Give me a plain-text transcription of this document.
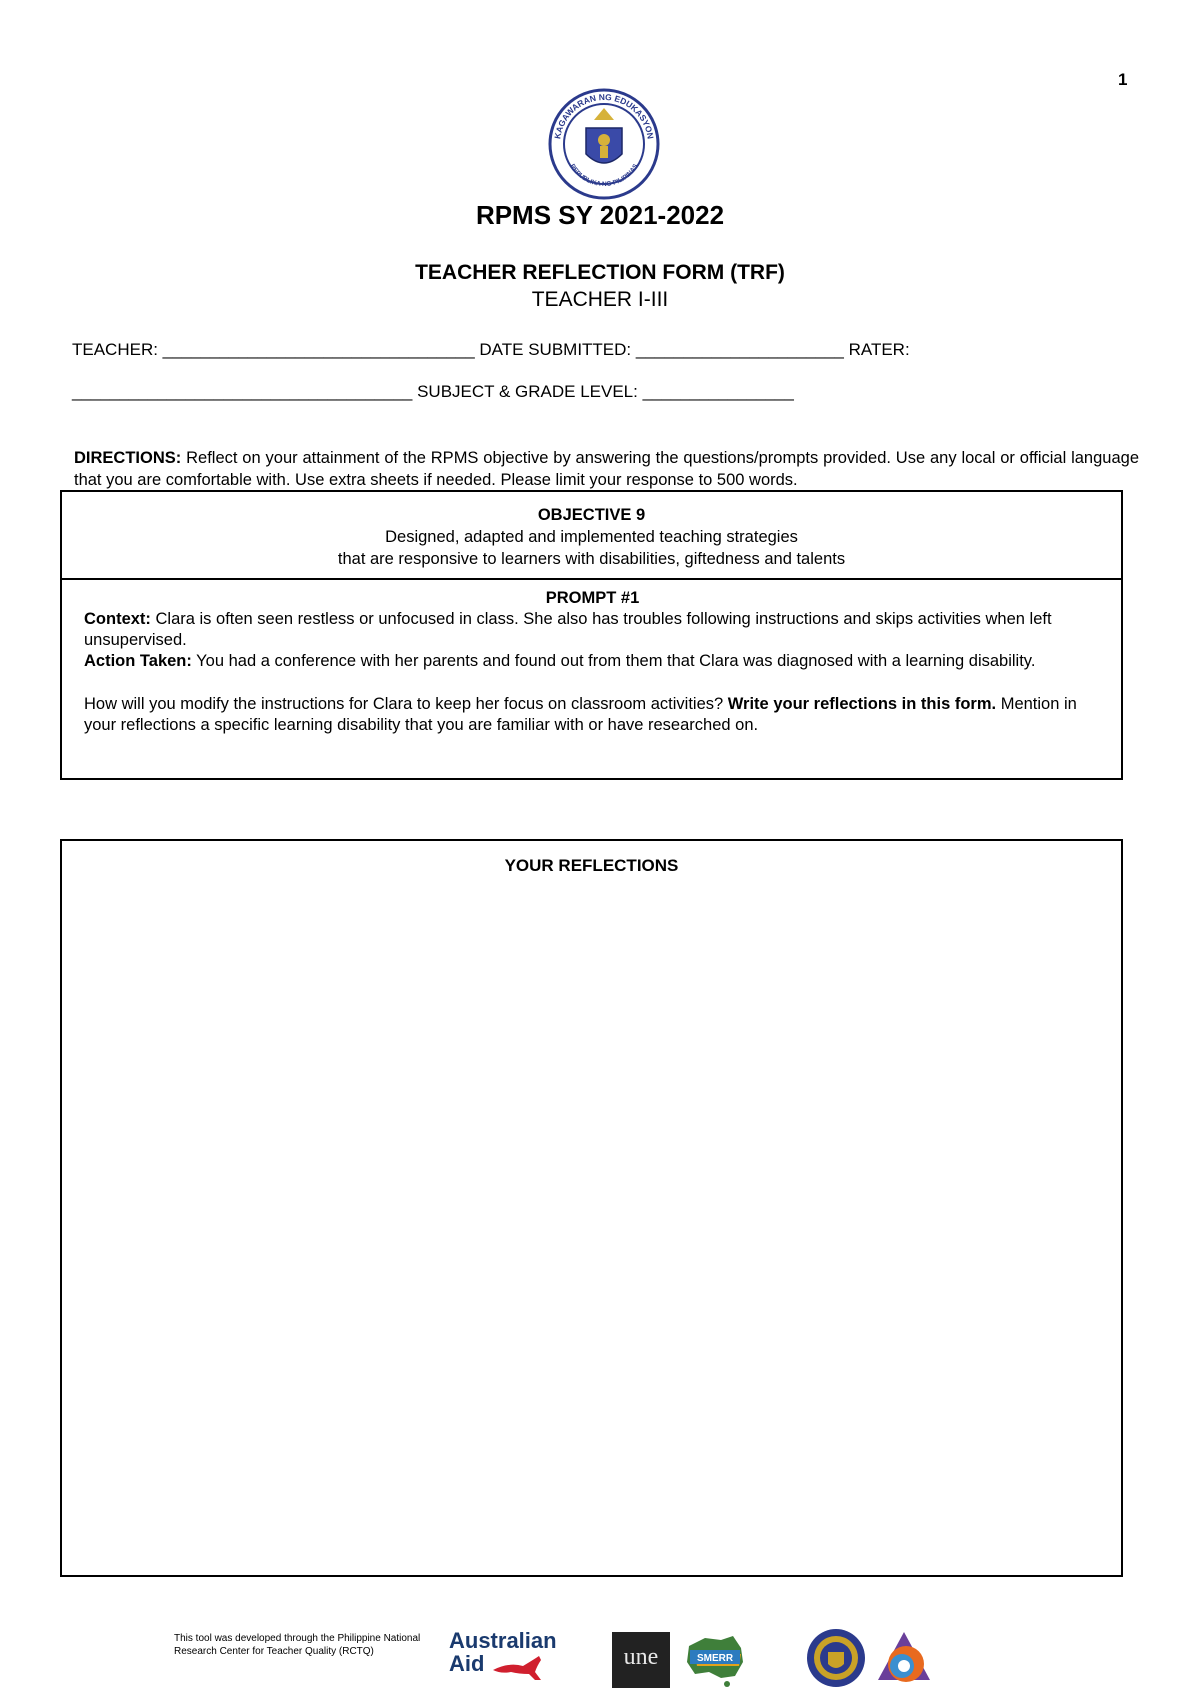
1
KAGAWARAN NG EDUKASYON
REPUBLIKA NG PILIPINAS
RPMS SY 2021-2022
TEACHER REFLECTION FORM (TRF)
TEACHER I-III
TEACHER: _________________________________ DATE SUBMITTED: ______________________ RATER:
____________________________________ SUBJECT & GRADE LEVEL: ________________
DIRECTIONS: Reflect on your attainment of the RPMS objective by answering the questions/prompts provided. Use any local or official language that you are comfortable with. Use extra sheets if needed. Please limit your response to 500 words.
OBJECTIVE 9
Designed, adapted and implemented teaching strategies
that are responsive to learners with disabilities, giftedness and talents
PROMPT #1

Context: Clara is often seen restless or unfocused in class. She also has troubles following instructions and skips activities when left unsupervised.

Action Taken: You had a conference with her parents and found out from them that Clara was diagnosed with a learning disability.

How will you modify the instructions for Clara to keep her focus on classroom activities? Write your reflections in this form. Mention in your reflections a specific learning disability that you are familiar with or have researched on.

YOUR REFLECTIONS
This tool was developed through the Philippine National
Research Center for Teacher Quality (RCTQ)	Australian
Aid	une	SMERR
